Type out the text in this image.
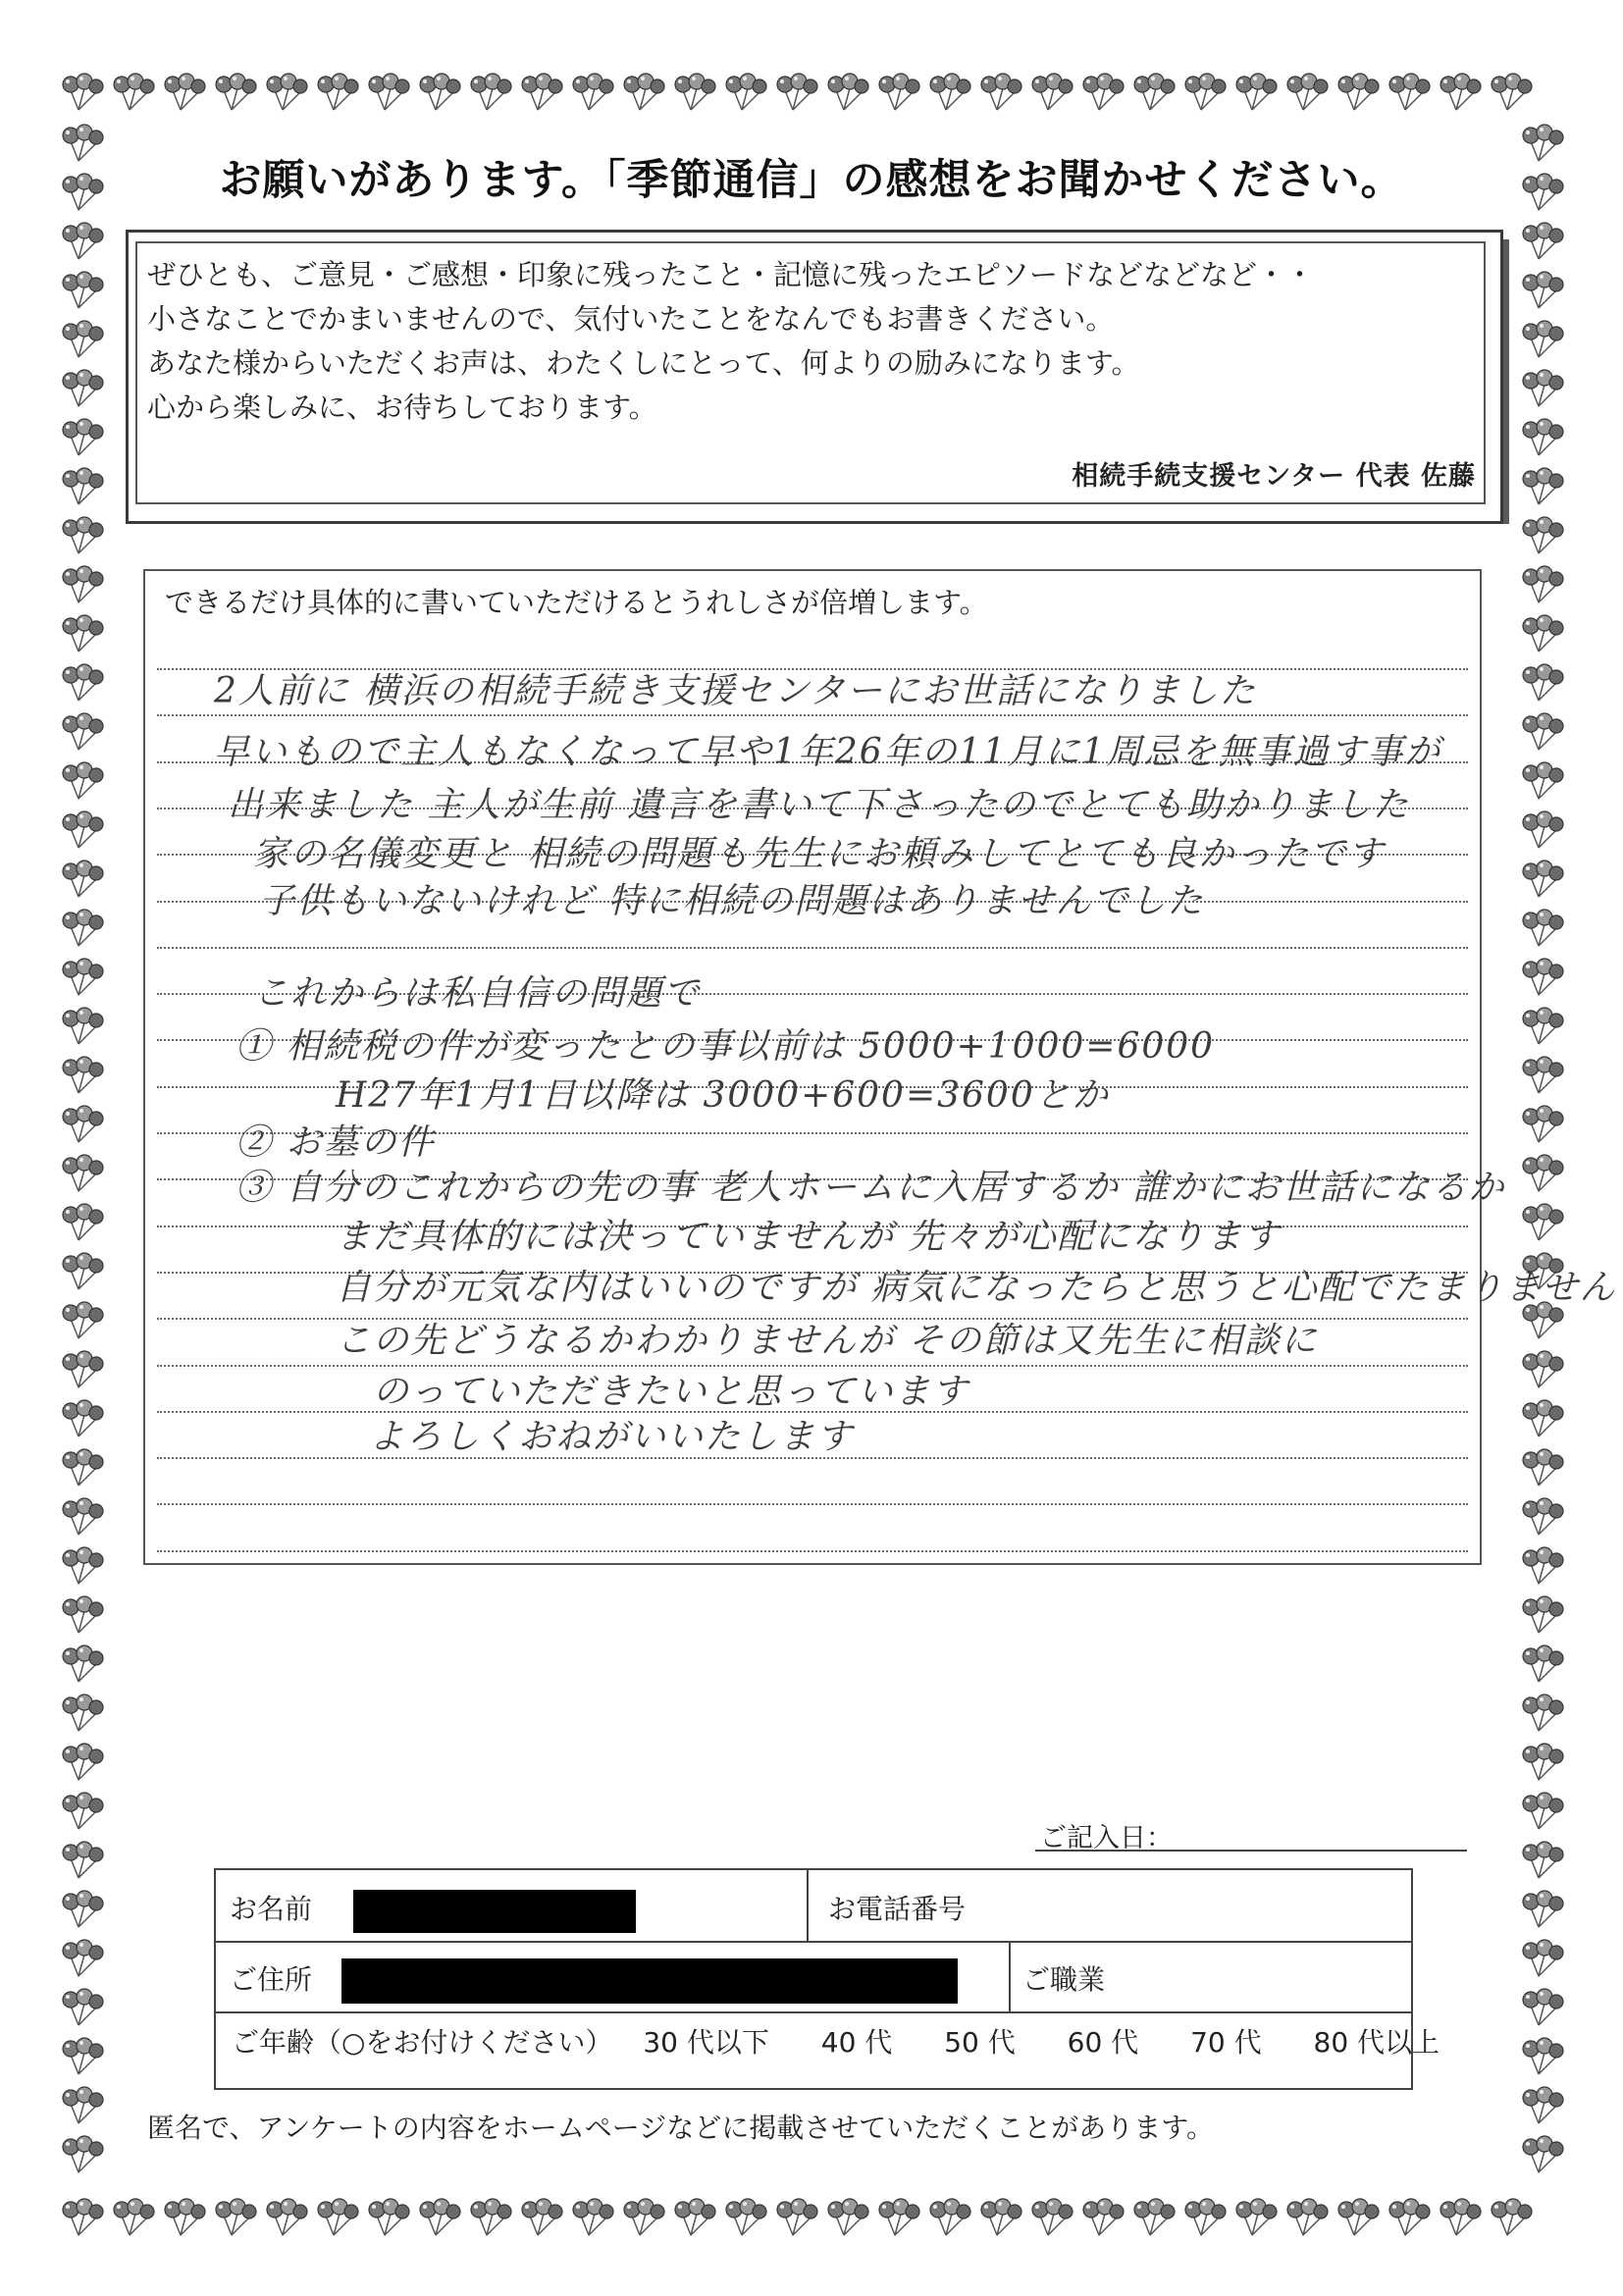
お願いがあります。「季節通信」の感想をお聞かせください。

ぜひとも、ご意見・ご感想・印象に残ったこと・記憶に残ったエピソードなどなどなど・・

小さなことでかまいませんので、気付いたことをなんでもお書きください。

あなた様からいただくお声は、わたくしにとって、何よりの励みになります。

心から楽しみに、お待ちしております。

相続手続支援センター 代表 佐藤
できるだけ具体的に書いていただけるとうれしさが倍増します。
2人前に 横浜の相続手続き支援センターにお世話になりました
早いもので主人もなくなって早や1年26年の11月に1周忌を無事過す事が
出来ました 主人が生前 遺言を書いて下さったのでとても助かりました
家の名儀変更と 相続の問題も先生にお頼みしてとても良かったです
子供もいないけれど 特に相続の問題はありませんでした
これからは私自信の問題で
① 相続税の件が変ったとの事以前は 5000+1000=6000
H27年1月1日以降は 3000+600=3600とか
② お墓の件
③ 自分のこれからの先の事 老人ホームに入居するか 誰かにお世話になるか
まだ具体的には決っていませんが 先々が心配になります
自分が元気な内はいいのですが 病気になったらと思うと心配でたまりません
この先どうなるかわかりませんが その節は又先生に相談に
のっていただきたいと思っています
よろしくおねがいいたします
ご記入日：
お名前	お電話番号
ご住所	ご職業
ご年齢（○をお付けください） 30 代以下 40 代 50 代 60 代 70 代 80 代以上
匿名で、アンケートの内容をホームページなどに掲載させていただくことがあります。
